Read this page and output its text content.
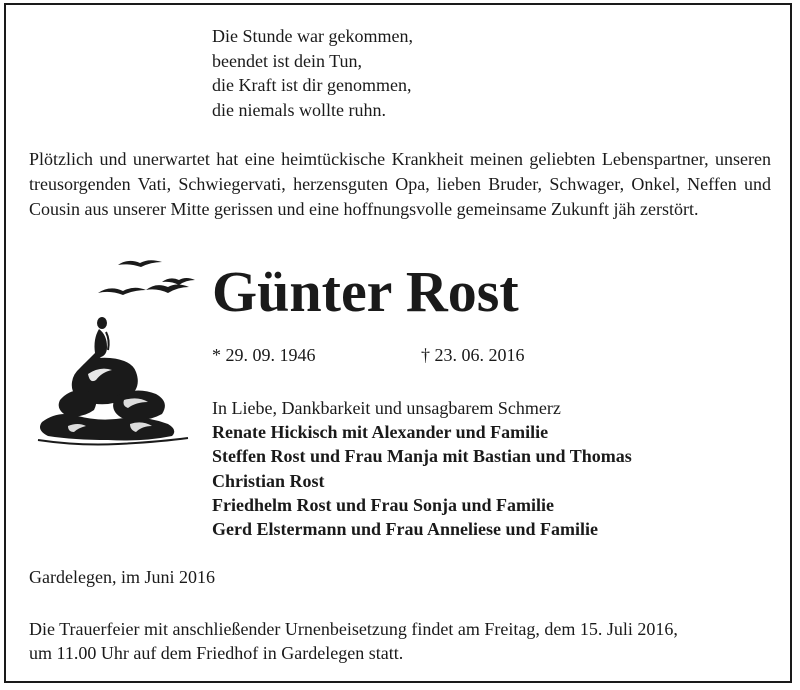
Die Stunde war gekommen,
beendet ist dein Tun,
die Kraft ist dir genommen,
die niemals wollte ruhn.
Plötzlich und unerwartet hat eine heimtückische Krankheit meinen geliebten Lebenspartner, unseren treusorgenden Vati, Schwiegervati, herzensguten Opa, lieben Bruder, Schwager, Onkel, Neffen und Cousin aus unserer Mitte gerissen und eine hoffnungsvolle gemeinsame Zukunft jäh zerstört.
Günter Rost
* 29. 09. 1946	† 23. 06. 2016
In Liebe, Dankbarkeit und unsagbarem Schmerz
Renate Hickisch mit Alexander und Familie
Steffen Rost und Frau Manja mit Bastian und Thomas
Christian Rost
Friedhelm Rost und Frau Sonja und Familie
Gerd Elstermann und Frau Anneliese und Familie
Gardelegen, im Juni 2016
Die Trauerfeier mit anschließender Urnenbeisetzung findet am Freitag, dem 15. Juli 2016,
um 11.00 Uhr auf dem Friedhof in Gardelegen statt.
